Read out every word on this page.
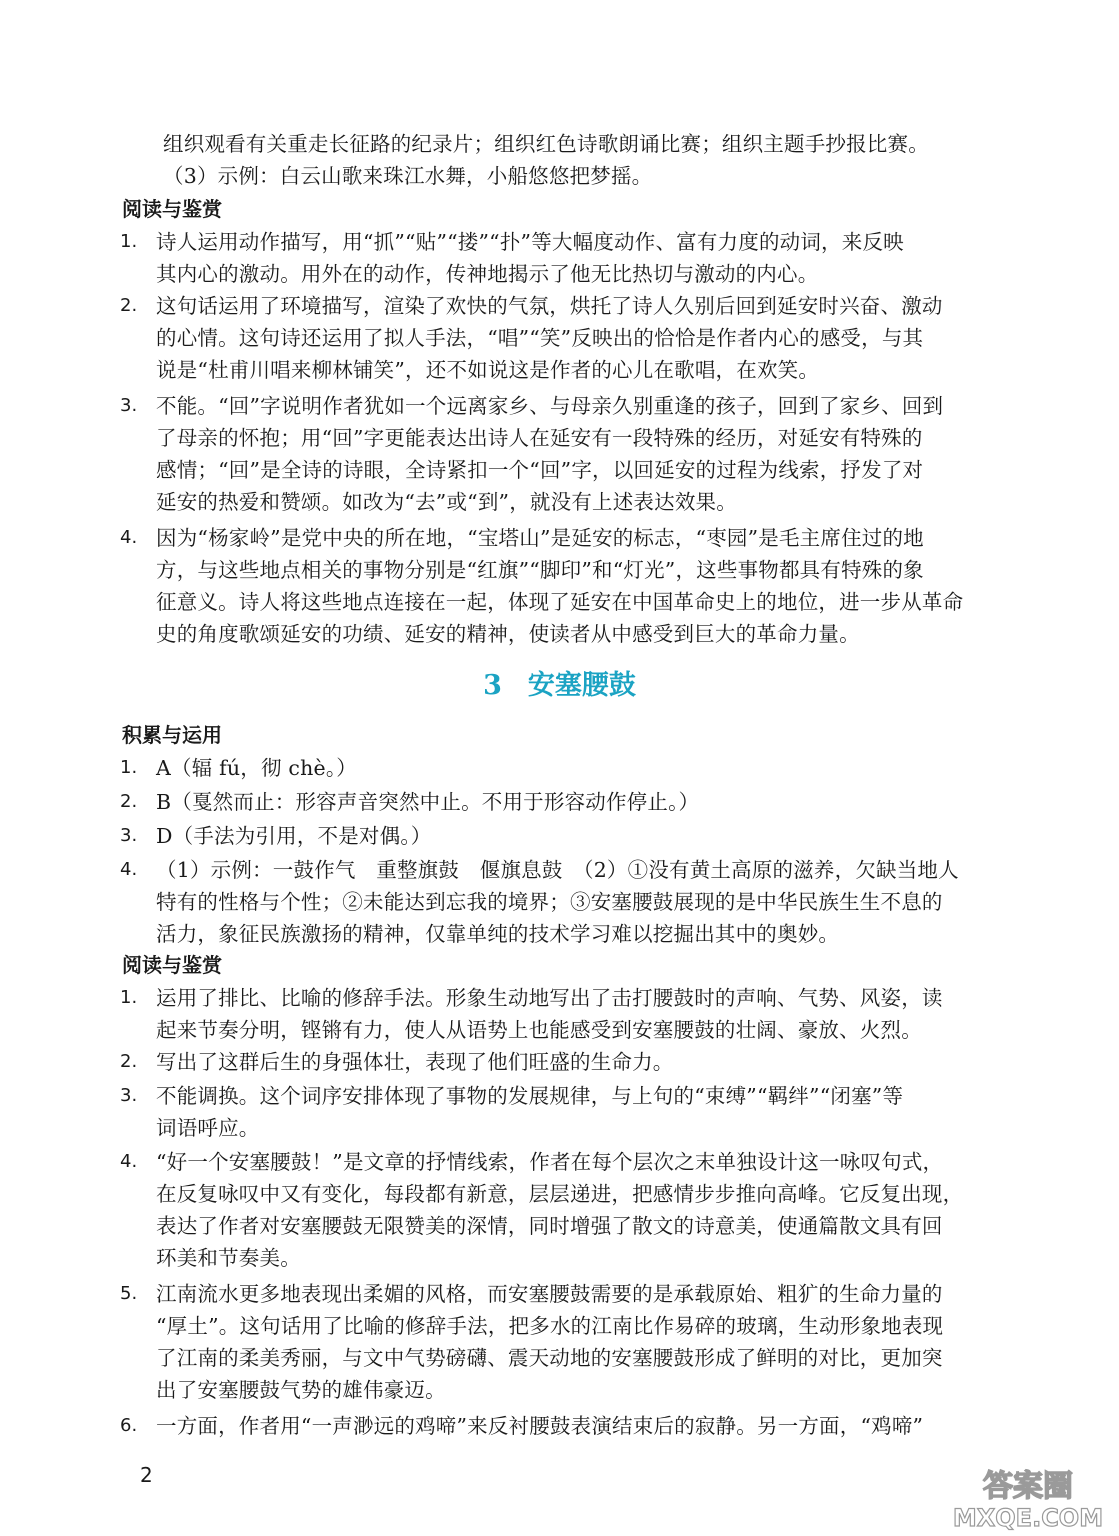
组织观看有关重走长征路的纪录片；组织红色诗歌朗诵比赛；组织主题手抄报比赛。
（3）示例：白云山歌来珠江水舞，小船悠悠把梦摇。
阅读与鉴赏
1. 诗人运用动作描写，用“抓”“贴”“搂”“扑”等大幅度动作、富有力度的动词，来反映
其内心的激动。用外在的动作，传神地揭示了他无比热切与激动的内心。
2. 这句话运用了环境描写，渲染了欢快的气氛，烘托了诗人久别后回到延安时兴奋、激动
的心情。这句诗还运用了拟人手法，“唱”“笑”反映出的恰恰是作者内心的感受，与其
说是“杜甫川唱来柳林铺笑”，还不如说这是作者的心儿在歌唱，在欢笑。
3. 不能。“回”字说明作者犹如一个远离家乡、与母亲久别重逢的孩子，回到了家乡、回到
了母亲的怀抱；用“回”字更能表达出诗人在延安有一段特殊的经历，对延安有特殊的
感情；“回”是全诗的诗眼，全诗紧扣一个“回”字，以回延安的过程为线索，抒发了对
延安的热爱和赞颂。如改为“去”或“到”，就没有上述表达效果。
4. 因为“杨家岭”是党中央的所在地，“宝塔山”是延安的标志，“枣园”是毛主席住过的地
方，与这些地点相关的事物分别是“红旗”“脚印”和“灯光”，这些事物都具有特殊的象
征意义。诗人将这些地点连接在一起，体现了延安在中国革命史上的地位，进一步从革命
史的角度歌颂延安的功绩、延安的精神，使读者从中感受到巨大的革命力量。
3 安塞腰鼓
积累与运用
1. A（辐 fú，彻 chè。）
2. B（戛然而止：形容声音突然中止。不用于形容动作停止。）
3. D（手法为引用，不是对偶。）
4. （1）示例：一鼓作气　重整旗鼓　偃旗息鼓　（2）①没有黄土高原的滋养，欠缺当地人
特有的性格与个性；②未能达到忘我的境界；③安塞腰鼓展现的是中华民族生生不息的
活力，象征民族激扬的精神，仅靠单纯的技术学习难以挖掘出其中的奥妙。
阅读与鉴赏
1. 运用了排比、比喻的修辞手法。形象生动地写出了击打腰鼓时的声响、气势、风姿，读
起来节奏分明，铿锵有力，使人从语势上也能感受到安塞腰鼓的壮阔、豪放、火烈。
2. 写出了这群后生的身强体壮，表现了他们旺盛的生命力。
3. 不能调换。这个词序安排体现了事物的发展规律，与上句的“束缚”“羁绊”“闭塞”等
词语呼应。
4. “好一个安塞腰鼓！”是文章的抒情线索，作者在每个层次之末单独设计这一咏叹句式，
在反复咏叹中又有变化，每段都有新意，层层递进，把感情步步推向高峰。它反复出现，
表达了作者对安塞腰鼓无限赞美的深情，同时增强了散文的诗意美，使通篇散文具有回
环美和节奏美。
5. 江南流水更多地表现出柔媚的风格，而安塞腰鼓需要的是承载原始、粗犷的生命力量的
“厚土”。这句话用了比喻的修辞手法，把多水的江南比作易碎的玻璃，生动形象地表现
了江南的柔美秀丽，与文中气势磅礴、震天动地的安塞腰鼓形成了鲜明的对比，更加突
出了安塞腰鼓气势的雄伟豪迈。
6. 一方面，作者用“一声渺远的鸡啼”来反衬腰鼓表演结束后的寂静。另一方面，“鸡啼”
2	答案圈
MXQE.COM
